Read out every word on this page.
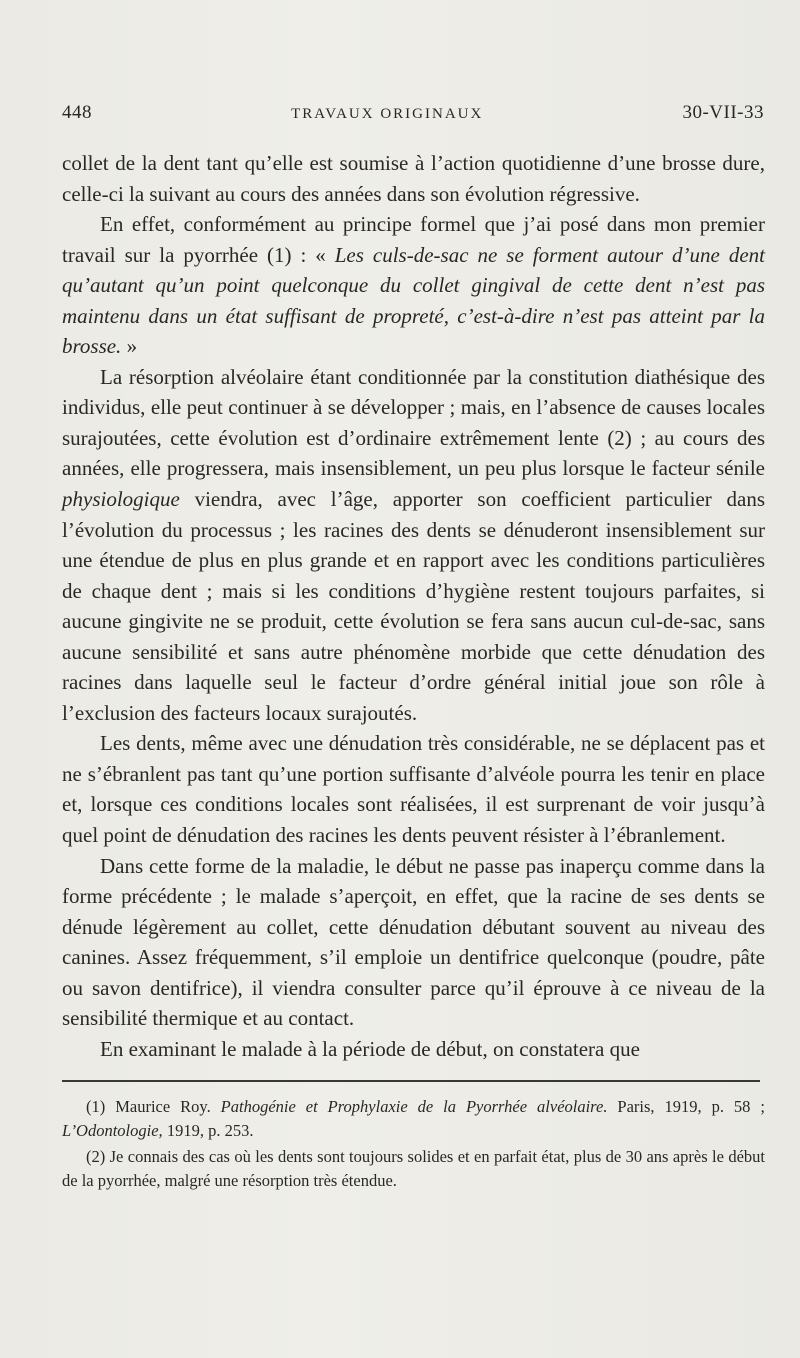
448	TRAVAUX ORIGINAUX	30-VII-33

collet de la dent tant qu’elle est soumise à l’action quotidienne d’une brosse dure, celle-ci la suivant au cours des années dans son évolution régressive.

En effet, conformément au principe formel que j’ai posé dans mon premier travail sur la pyorrhée (1) : « Les culs-de-sac ne se forment autour d’une dent qu’autant qu’un point quelconque du collet gingival de cette dent n’est pas maintenu dans un état suffisant de propreté, c’est-à-dire n’est pas atteint par la brosse. »

La résorption alvéolaire étant conditionnée par la constitution diathésique des individus, elle peut continuer à se développer ; mais, en l’absence de causes locales surajoutées, cette évolution est d’ordinaire extrêmement lente (2) ; au cours des années, elle progressera, mais insensiblement, un peu plus lorsque le facteur sénile physiologique viendra, avec l’âge, apporter son coefficient particulier dans l’évolution du processus ; les racines des dents se dénuderont insensiblement sur une étendue de plus en plus grande et en rapport avec les conditions particulières de chaque dent ; mais si les conditions d’hygiène restent toujours parfaites, si aucune gingivite ne se produit, cette évolution se fera sans aucun cul-de-sac, sans aucune sensibilité et sans autre phénomène morbide que cette dénudation des racines dans laquelle seul le facteur d’ordre général initial joue son rôle à l’exclusion des facteurs locaux surajoutés.

Les dents, même avec une dénudation très considérable, ne se déplacent pas et ne s’ébranlent pas tant qu’une portion suffisante d’alvéole pourra les tenir en place et, lorsque ces conditions locales sont réalisées, il est surprenant de voir jusqu’à quel point de dénudation des racines les dents peuvent résister à l’ébranlement.

Dans cette forme de la maladie, le début ne passe pas inaperçu comme dans la forme précédente ; le malade s’aperçoit, en effet, que la racine de ses dents se dénude légèrement au collet, cette dénudation débutant souvent au niveau des canines. Assez fréquemment, s’il emploie un dentifrice quelconque (poudre, pâte ou savon dentifrice), il viendra consulter parce qu’il éprouve à ce niveau de la sensibilité thermique et au contact.

En examinant le malade à la période de début, on constatera que

(1) Maurice Roy. Pathogénie et Prophylaxie de la Pyorrhée alvéolaire. Paris, 1919, p. 58 ; L’Odontologie, 1919, p. 253.

(2) Je connais des cas où les dents sont toujours solides et en parfait état, plus de 30 ans après le début de la pyorrhée, malgré une résorption très étendue.
